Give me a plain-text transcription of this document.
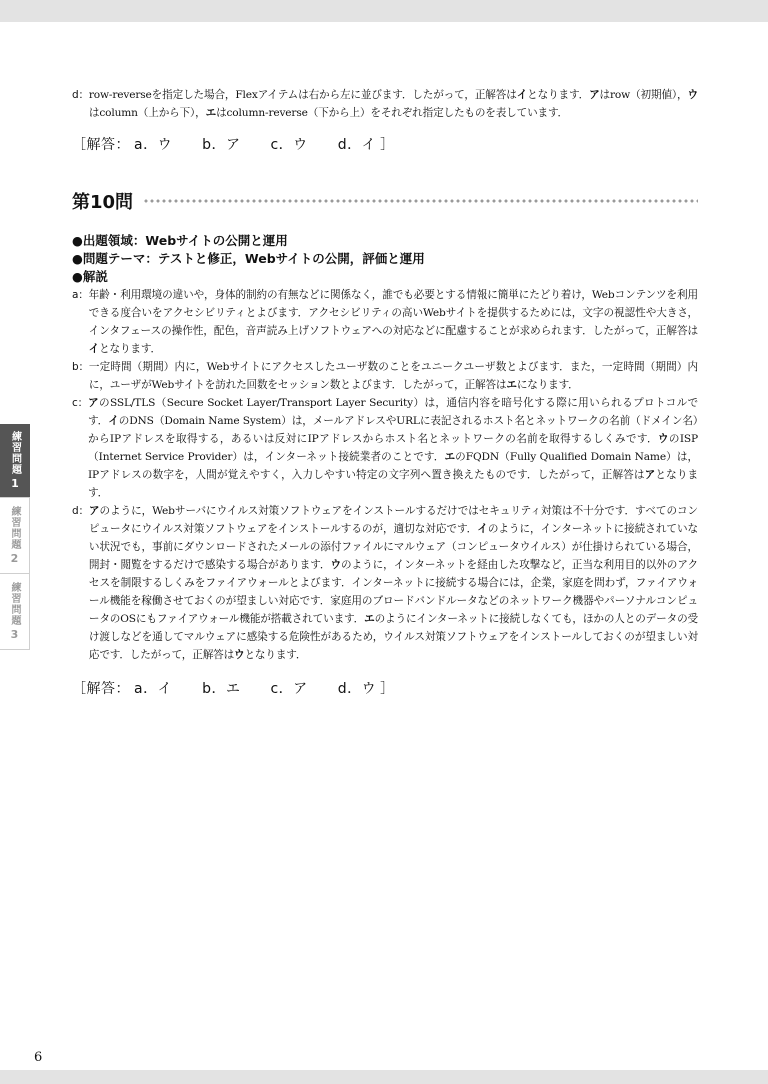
練習問題
1
練習問題
2
練習問題
3
d： row-reverseを指定した場合，Flexアイテムは右から左に並びます．したがって，正解答はイとなります．アはrow（初期値），ウはcolumn（上から下），エはcolumn-reverse（下から上）をそれぞれ指定したものを表しています．
［解答： a．ウ b．ア c．ウ d．イ ］
第10問
●出題領域：Webサイトの公開と運用
●問題テーマ：テストと修正，Webサイトの公開，評価と運用
●解説
a： 年齢・利用環境の違いや，身体的制約の有無などに関係なく，誰でも必要とする情報に簡単にたどり着け，Webコンテンツを利用できる度合いをアクセシビリティとよびます．アクセシビリティの高いWebサイトを提供するためには，文字の視認性や大きさ，インタフェースの操作性，配色，音声読み上げソフトウェアへの対応などに配慮することが求められます．したがって，正解答はイとなります．
b： 一定時間（期間）内に，Webサイトにアクセスしたユーザ数のことをユニークユーザ数とよびます．また，一定時間（期間）内に，ユーザがWebサイトを訪れた回数をセッション数とよびます．したがって，正解答はエになります．
c： アのSSL/TLS（Secure Socket Layer/Transport Layer Security）は，通信内容を暗号化する際に用いられるプロトコルです．イのDNS（Domain Name System）は，メールアドレスやURLに表記されるホスト名とネットワークの名前（ドメイン名）からIPアドレスを取得する，あるいは反対にIPアドレスからホスト名とネットワークの名前を取得するしくみです．ウのISP（Internet Service Provider）は，インターネット接続業者のことです．エのFQDN（Fully Qualified Domain Name）は，IPアドレスの数字を，人間が覚えやすく，入力しやすい特定の文字列へ置き換えたものです．したがって，正解答はアとなります．
d： アのように，Webサーバにウイルス対策ソフトウェアをインストールするだけではセキュリティ対策は不十分です．すべてのコンピュータにウイルス対策ソフトウェアをインストールするのが，適切な対応です．イのように，インターネットに接続されていない状況でも，事前にダウンロードされたメールの添付ファイルにマルウェア（コンピュータウイルス）が仕掛けられている場合，開封・閲覧をするだけで感染する場合があります．ウのように，インターネットを経由した攻撃など，正当な利用目的以外のアクセスを制限するしくみをファイアウォールとよびます．インターネットに接続する場合には，企業，家庭を問わず，ファイアウォール機能を稼働させておくのが望ましい対応です．家庭用のブロードバンドルータなどのネットワーク機器やパーソナルコンピュータのOSにもファイアウォール機能が搭載されています．エのようにインターネットに接続しなくても，ほかの人とのデータの受け渡しなどを通してマルウェアに感染する危険性があるため，ウイルス対策ソフトウェアをインストールしておくのが望ましい対応です．したがって，正解答はウとなります．
［解答： a．イ b．エ c．ア d．ウ ］
6
